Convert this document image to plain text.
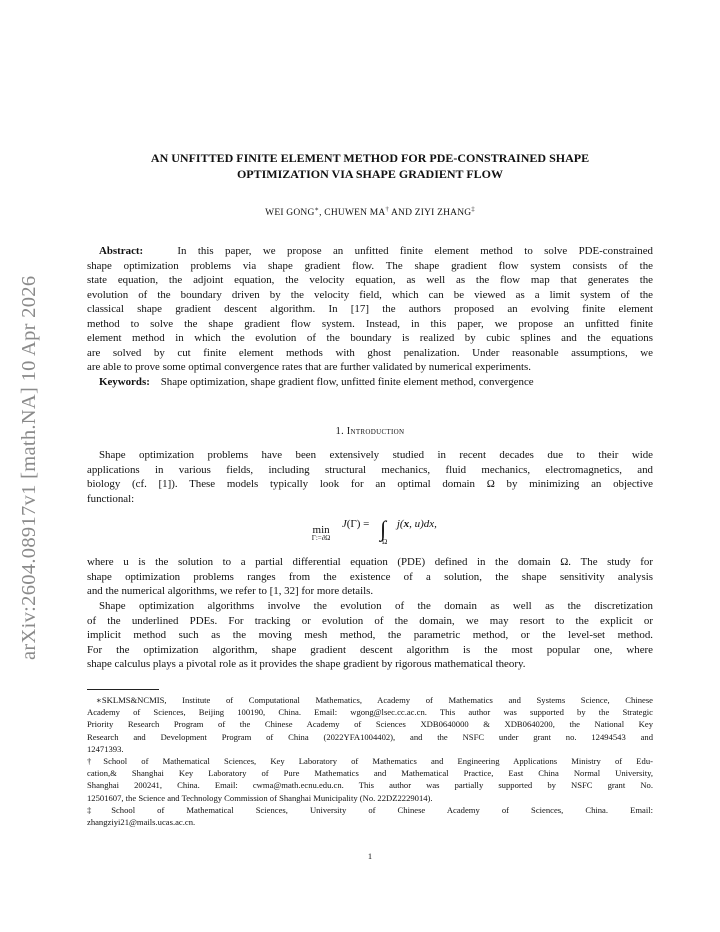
arXiv:2604.08917v1 [math.NA] 10 Apr 2026
AN UNFITTED FINITE ELEMENT METHOD FOR PDE-CONSTRAINED SHAPE
OPTIMIZATION VIA SHAPE GRADIENT FLOW
WEI GONG∗, CHUWEN MA† AND ZIYI ZHANG‡
Abstract:	In this paper, we propose an unfitted finite element method to solve PDE-constrained
shape optimization problems via shape gradient flow. The shape gradient flow system consists of the
state equation, the adjoint equation, the velocity equation, as well as the flow map that generates the
evolution of the boundary driven by the velocity field, which can be viewed as a limit system of the
classical shape gradient descent algorithm. In [17] the authors proposed an evolving finite element
method to solve the shape gradient flow system. Instead, in this paper, we propose an unfitted finite
element method in which the evolution of the boundary is realized by cubic splines and the equations
are solved by cut finite element methods with ghost penalization. Under reasonable assumptions, we
are able to prove some optimal convergence rates that are further validated by numerical experiments.
Keywords: Shape optimization, shape gradient flow, unfitted finite element method, convergence
1. Introduction
Shape optimization problems have been extensively studied in recent decades due to their wide
applications in various fields, including structural mechanics, fluid mechanics, electromagnetics, and
biology (cf. [1]). These models typically look for an optimal domain Ω by minimizing an objective
functional:
min
Γ:=∂Ω
J(Γ) = ∫
Ω
j(x, u)dx,
where u is the solution to a partial differential equation (PDE) defined in the domain Ω. The study for
shape optimization problems ranges from the existence of a solution, the shape sensitivity analysis
and the numerical algorithms, we refer to [1, 32] for more details.
Shape optimization algorithms involve the evolution of the domain as well as the discretization
of the underlined PDEs. For tracking or evolution of the domain, we may resort to the explicit or
implicit method such as the moving mesh method, the parametric method, or the level-set method.
For the optimization algorithm, shape gradient descent algorithm is the most popular one, where
shape calculus plays a pivotal role as it provides the shape gradient by rigorous mathematical theory.
∗SKLMS&NCMIS, Institute of Computational Mathematics, Academy of Mathematics and Systems Science, Chinese
Academy of Sciences, Beijing 100190, China. Email: wgong@lsec.cc.ac.cn. This author was supported by the Strategic
Priority Research Program of the Chinese Academy of Sciences XDB0640000 & XDB0640200, the National Key
Research and Development Program of China (2022YFA1004402), and the NSFC under grant no. 12494543 and
12471393.
†School of Mathematical Sciences, Key Laboratory of Mathematics and Engineering Applications Ministry of Edu-
cation,& Shanghai Key Laboratory of Pure Mathematics and Mathematical Practice, East China Normal University,
Shanghai 200241, China. Email: cwma@math.ecnu.edu.cn. This author was partially supported by NSFC grant No.
12501607, the Science and Technology Commission of Shanghai Municipality (No. 22DZ2229014).
‡School of Mathematical Sciences, University of Chinese Academy of Sciences, China. Email:
zhangziyi21@mails.ucas.ac.cn.
1
